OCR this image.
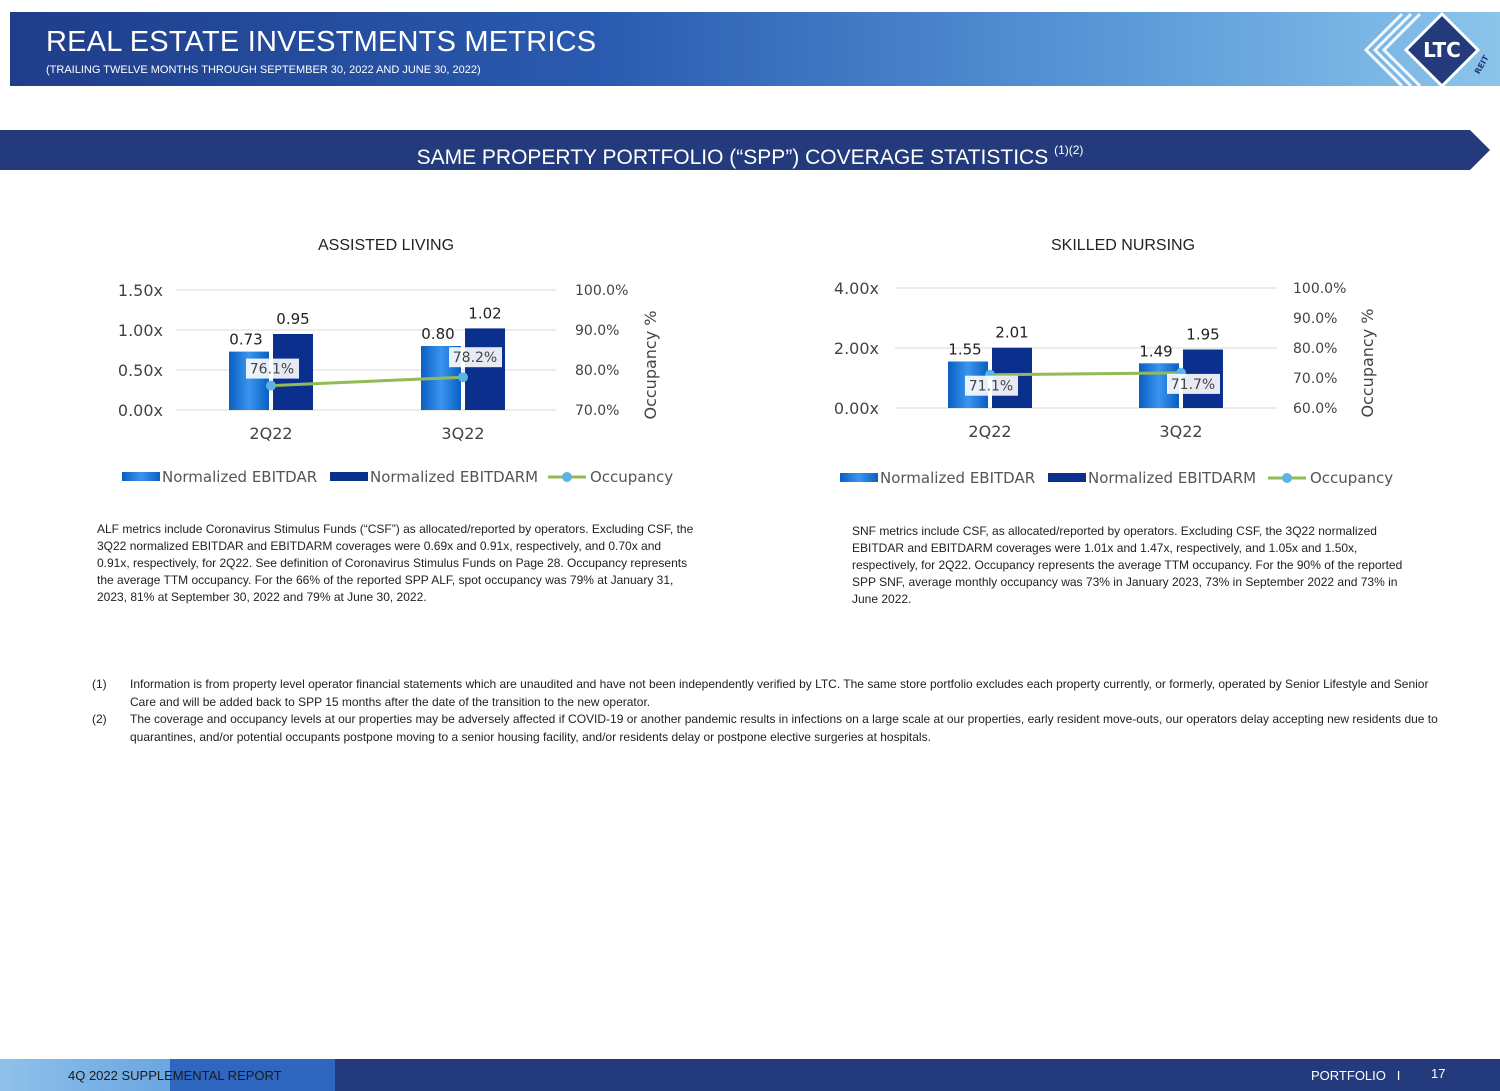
REAL ESTATE INVESTMENTS METRICS
(TRAILING TWELVE MONTHS THROUGH SEPTEMBER 30, 2022 AND JUNE 30, 2022)
LTC
REIT
SAME PROPERTY PORTFOLIO (“SPP”) COVERAGE STATISTICS $^{(1)(2)}$
ASSISTED LIVING	SKILLED NURSING
1.50x
1.00x
0.50x
0.00x
100.0%
90.0%
80.0%
70.0% Occupancy %
0.73
0.95
2Q22
0.80
1.02
3Q22
76.1%
78.2%
Normalized EBITDAR	Normalized EBITDARM	Occupancy
4.00x
2.00x
0.00x
100.0%
90.0%
80.0%
70.0%
60.0% Occupancy %
1.55
2.01
2Q22
1.49
1.95
3Q22
71.1%	71.7%
Normalized EBITDAR	Normalized EBITDARM	Occupancy
ALF metrics include Coronavirus Stimulus Funds (“CSF”) as allocated/reported by operators. Excluding CSF, the 3Q22 normalized EBITDAR and EBITDARM coverages were 0.69x and 0.91x, respectively, and 0.70x and 0.91x, respectively, for 2Q22. See definition of Coronavirus Stimulus Funds on Page 28. Occupancy represents the average TTM occupancy. For the 66% of the reported SPP ALF, spot occupancy was 79% at January 31, 2023, 81% at September 30, 2022 and 79% at June 30, 2022.
SNF metrics include CSF, as allocated/reported by operators. Excluding CSF, the 3Q22 normalized EBITDAR and EBITDARM coverages were 1.01x and 1.47x, respectively, and 1.05x and 1.50x, respectively, for 2Q22. Occupancy represents the average TTM occupancy. For the 90% of the reported SPP SNF, average monthly occupancy was 73% in January 2023, 73% in September 2022 and 73% in June 2022.
(1) Information is from property level operator financial statements which are unaudited and have not been independently verified by LTC. The same store portfolio excludes each property currently, or formerly, operated by Senior Lifestyle and Senior Care and will be added back to SPP 15 months after the date of the transition to the new operator.
(2) The coverage and occupancy levels at our properties may be adversely affected if COVID-19 or another pandemic results in infections on a large scale at our properties, early resident move-outs, our operators delay accepting new residents due to quarantines, and/or potential occupants postpone moving to a senior housing facility, and/or residents delay or postpone elective surgeries at hospitals.
4Q 2022 SUPPLEMENTAL REPORT	PORTFOLIO   I 17
